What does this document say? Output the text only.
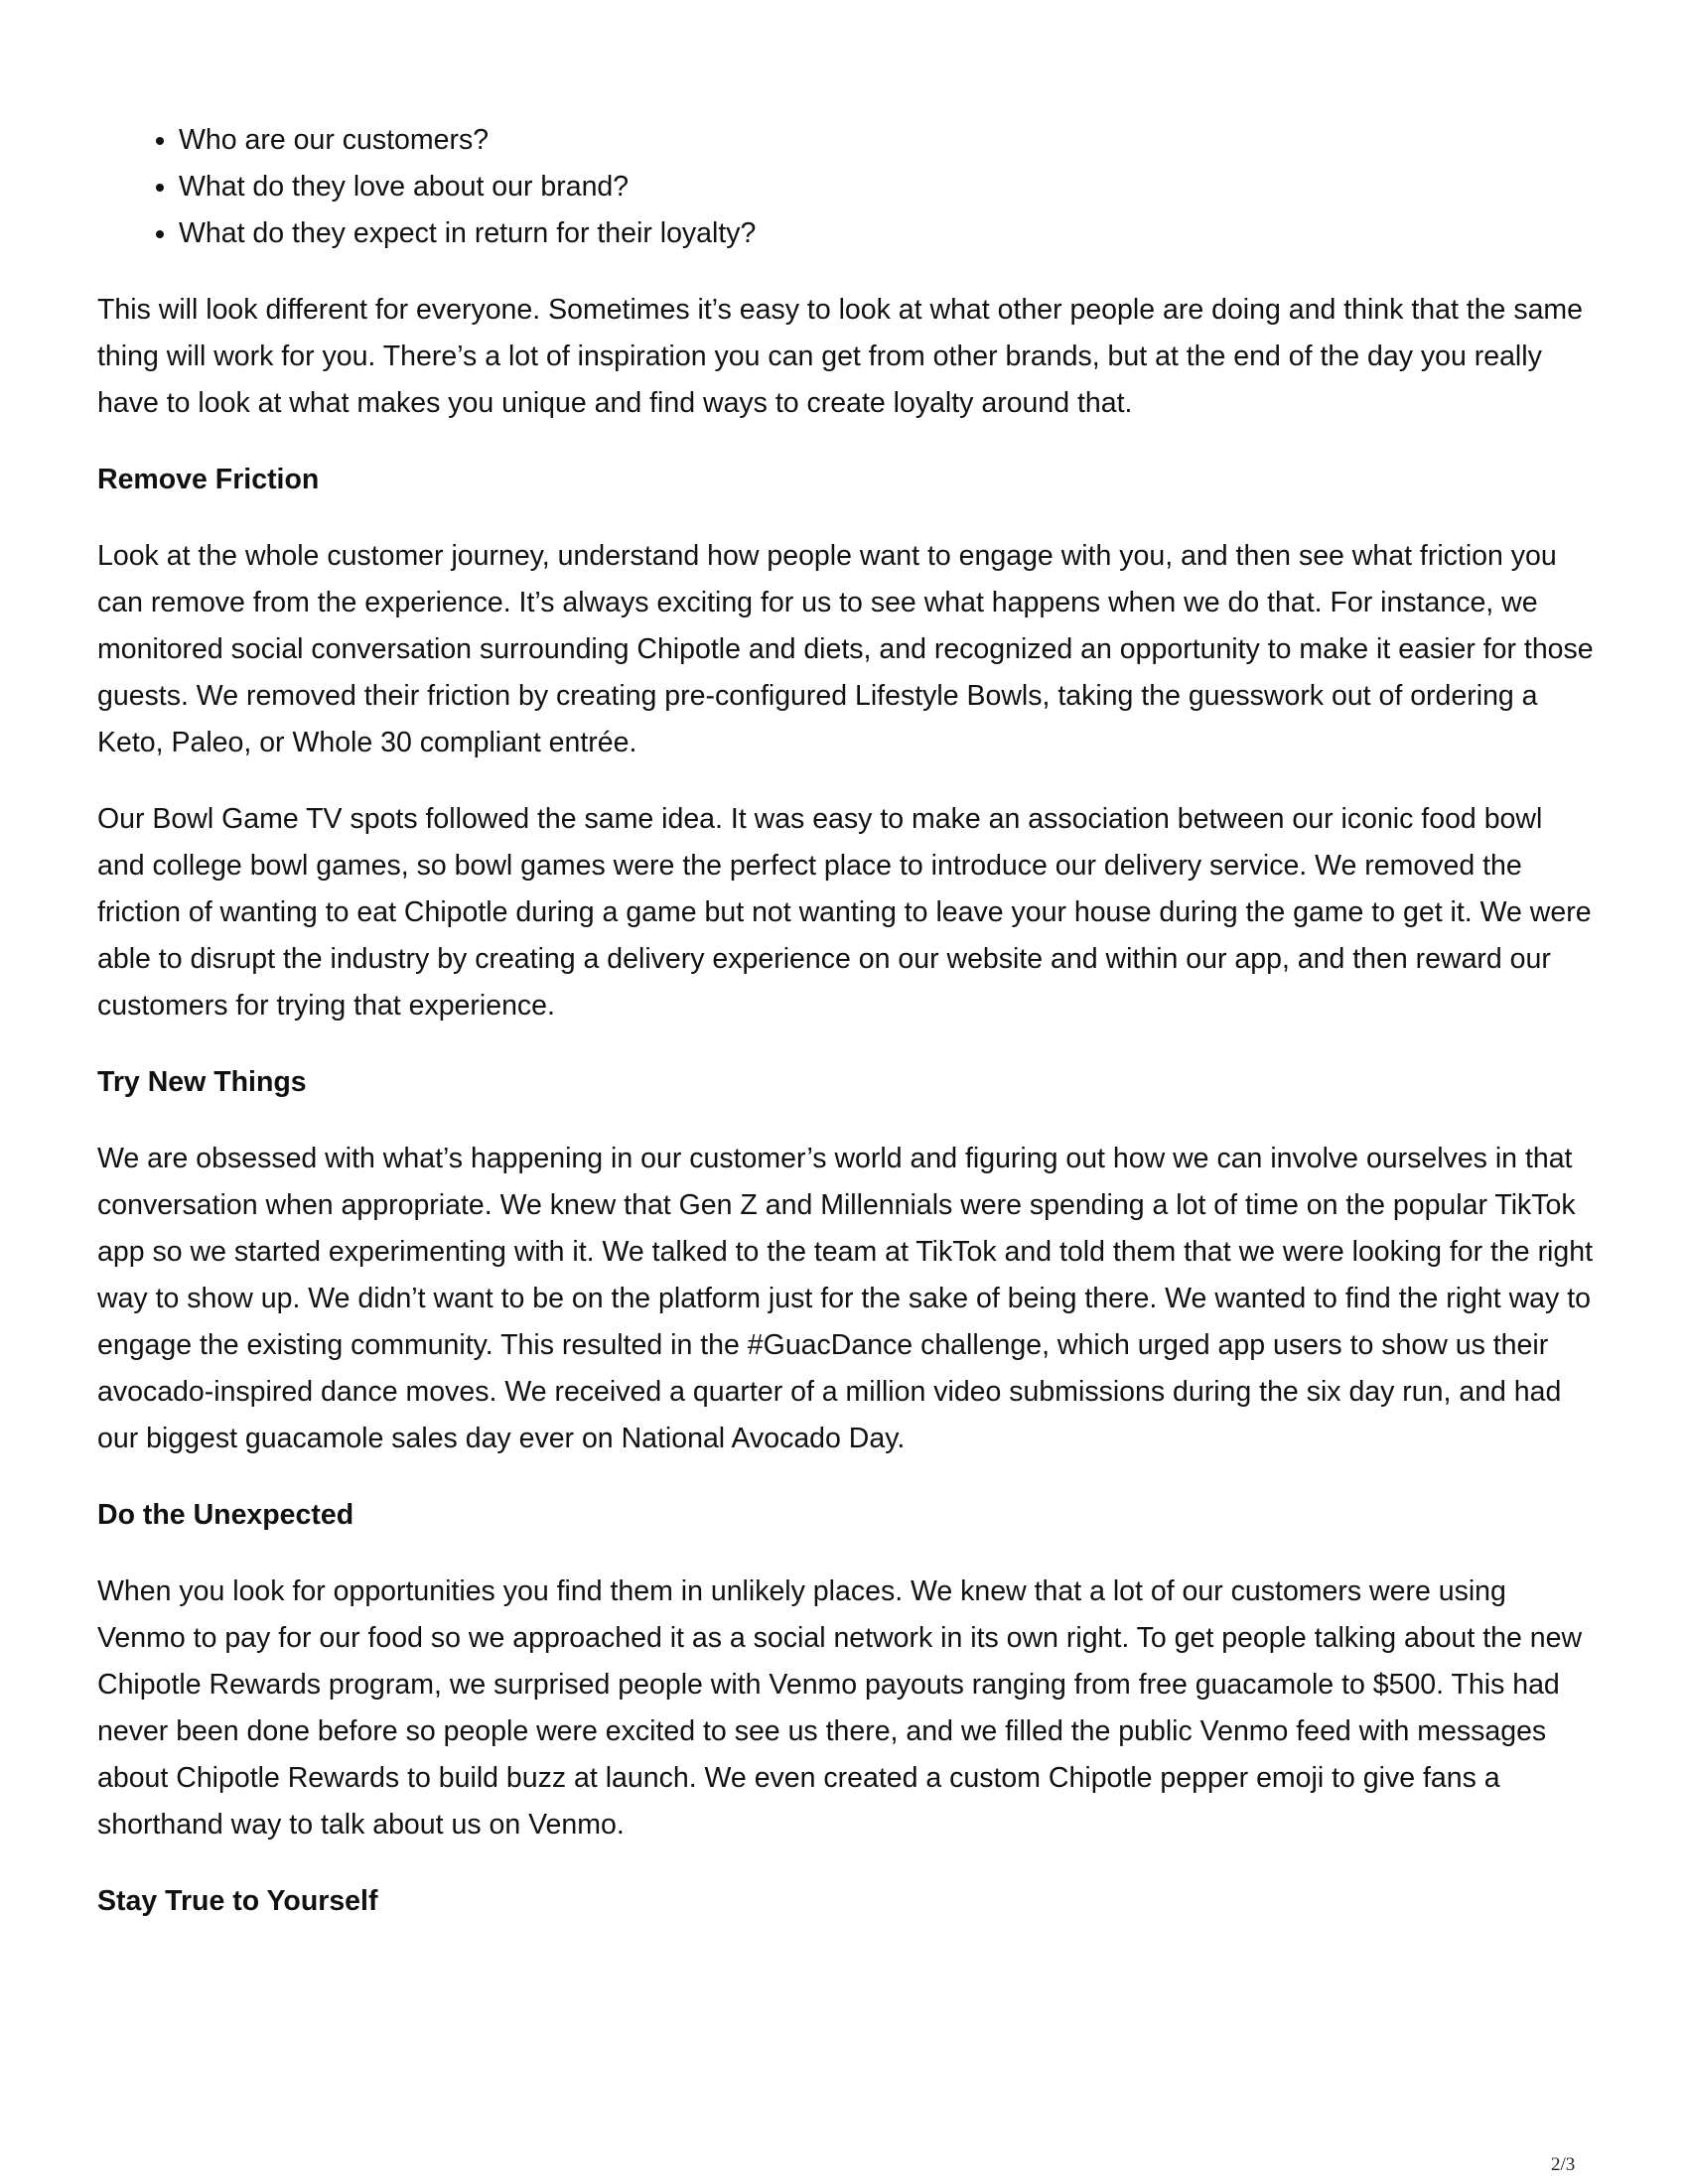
• Who are our customers?
• What do they love about our brand?
• What do they expect in return for their loyalty?

This will look different for everyone. Sometimes it’s easy to look at what other people are doing and think that the same thing will work for you. There’s a lot of inspiration you can get from other brands, but at the end of the day you really have to look at what makes you unique and find ways to create loyalty around that.

Remove Friction

Look at the whole customer journey, understand how people want to engage with you, and then see what friction you can remove from the experience. It’s always exciting for us to see what happens when we do that. For instance, we monitored social conversation surrounding Chipotle and diets, and recognized an opportunity to make it easier for those guests. We removed their friction by creating pre-configured Lifestyle Bowls, taking the guesswork out of ordering a Keto, Paleo, or Whole 30 compliant entrée.

Our Bowl Game TV spots followed the same idea. It was easy to make an association between our iconic food bowl and college bowl games, so bowl games were the perfect place to introduce our delivery service. We removed the friction of wanting to eat Chipotle during a game but not wanting to leave your house during the game to get it. We were able to disrupt the industry by creating a delivery experience on our website and within our app, and then reward our customers for trying that experience.

Try New Things

We are obsessed with what’s happening in our customer’s world and figuring out how we can involve ourselves in that conversation when appropriate. We knew that Gen Z and Millennials were spending a lot of time on the popular TikTok app so we started experimenting with it. We talked to the team at TikTok and told them that we were looking for the right way to show up. We didn’t want to be on the platform just for the sake of being there. We wanted to find the right way to engage the existing community. This resulted in the #GuacDance challenge, which urged app users to show us their avocado-inspired dance moves. We received a quarter of a million video submissions during the six day run, and had our biggest guacamole sales day ever on National Avocado Day.

Do the Unexpected

When you look for opportunities you find them in unlikely places. We knew that a lot of our customers were using Venmo to pay for our food so we approached it as a social network in its own right. To get people talking about the new Chipotle Rewards program, we surprised people with Venmo payouts ranging from free guacamole to $500. This had never been done before so people were excited to see us there, and we filled the public Venmo feed with messages about Chipotle Rewards to build buzz at launch. We even created a custom Chipotle pepper emoji to give fans a shorthand way to talk about us on Venmo.

Stay True to Yourself
2/3
